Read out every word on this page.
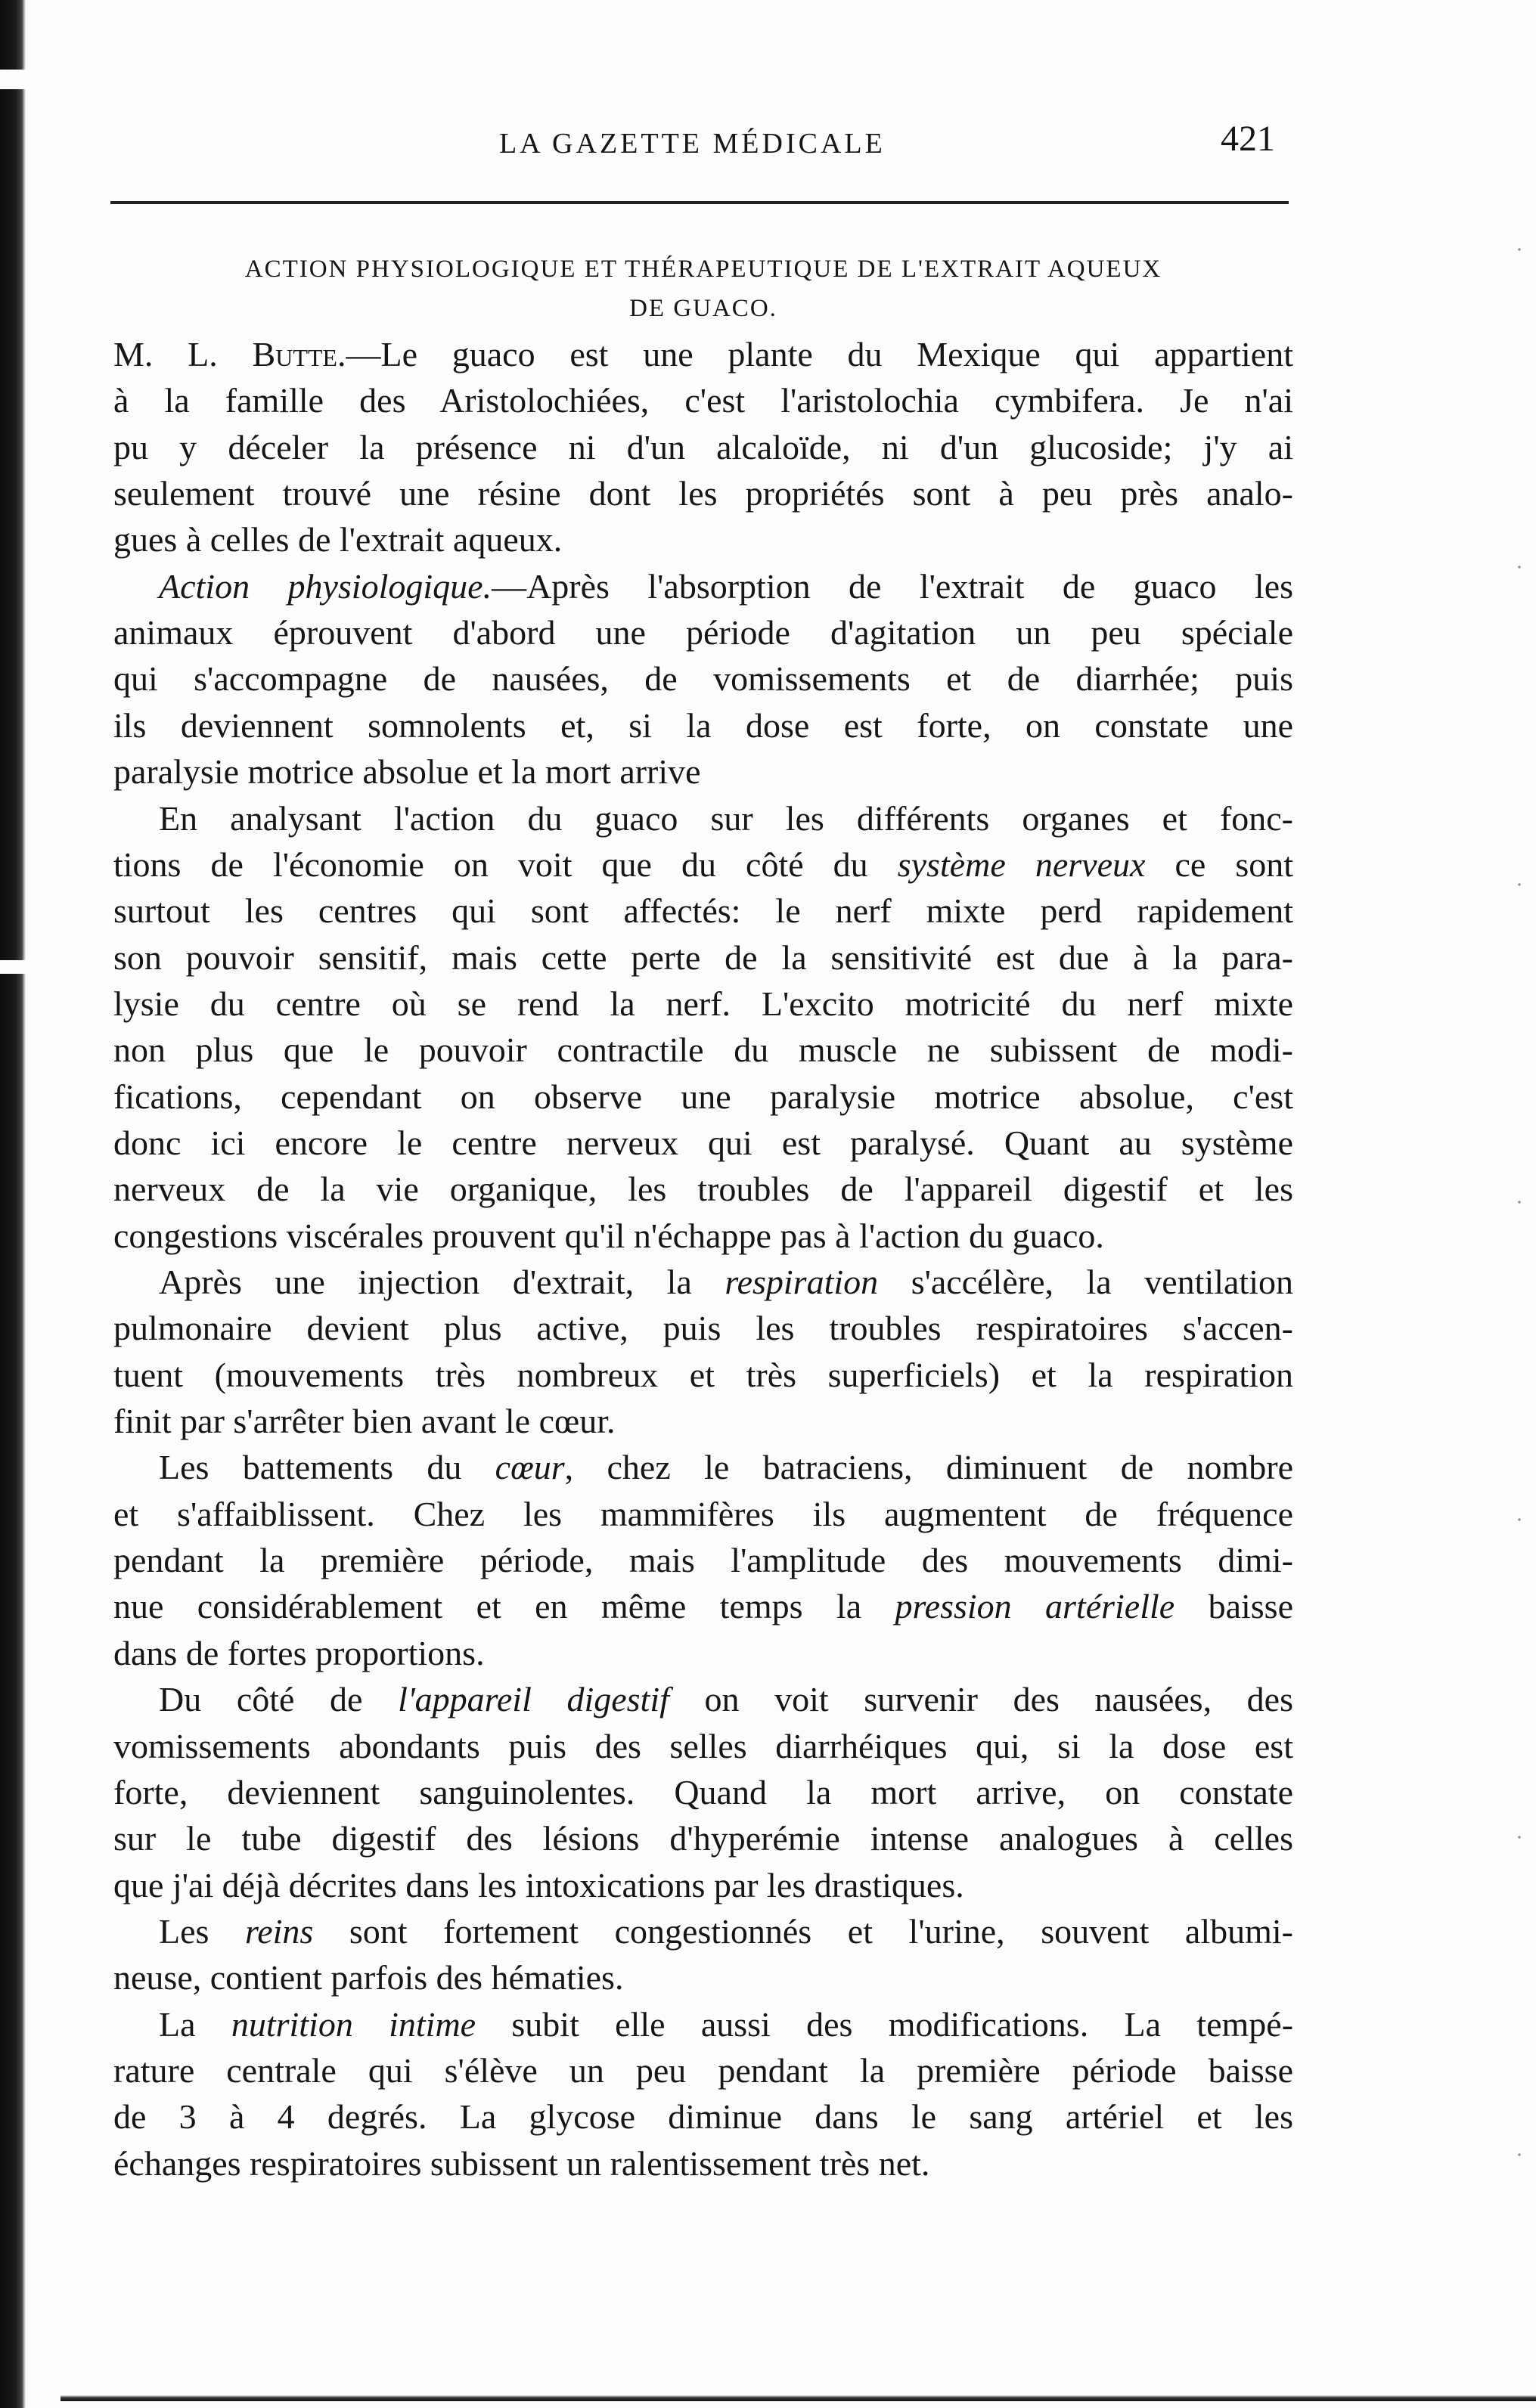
LA GAZETTE MÉDICALE	421
ACTION PHYSIOLOGIQUE ET THÉRAPEUTIQUE DE L'EXTRAIT AQUEUX
DE GUACO.
M. L. Butte.—Le guaco est une plante du Mexique qui appartient
à la famille des Aristolochiées, c'est l'aristolochia cymbifera. Je n'ai
pu y déceler la présence ni d'un alcaloïde, ni d'un glucoside; j'y ai
seulement trouvé une résine dont les propriétés sont à peu près analo-
gues à celles de l'extrait aqueux.
Action physiologique.—Après l'absorption de l'extrait de guaco les
animaux éprouvent d'abord une période d'agitation un peu spéciale
qui s'accompagne de nausées, de vomissements et de diarrhée; puis
ils deviennent somnolents et, si la dose est forte, on constate une
paralysie motrice absolue et la mort arrive
En analysant l'action du guaco sur les différents organes et fonc-
tions de l'économie on voit que du côté du système nerveux ce sont
surtout les centres qui sont affectés: le nerf mixte perd rapidement
son pouvoir sensitif, mais cette perte de la sensitivité est due à la para-
lysie du centre où se rend la nerf. L'excito motricité du nerf mixte
non plus que le pouvoir contractile du muscle ne subissent de modi-
fications, cependant on observe une paralysie motrice absolue, c'est
donc ici encore le centre nerveux qui est paralysé. Quant au système
nerveux de la vie organique, les troubles de l'appareil digestif et les
congestions viscérales prouvent qu'il n'échappe pas à l'action du guaco.
Après une injection d'extrait, la respiration s'accélère, la ventilation
pulmonaire devient plus active, puis les troubles respiratoires s'accen-
tuent (mouvements très nombreux et très superficiels) et la respiration
finit par s'arrêter bien avant le cœur.
Les battements du cœur, chez le batraciens, diminuent de nombre
et s'affaiblissent. Chez les mammifères ils augmentent de fréquence
pendant la première période, mais l'amplitude des mouvements dimi-
nue considérablement et en même temps la pression artérielle baisse
dans de fortes proportions.
Du côté de l'appareil digestif on voit survenir des nausées, des
vomissements abondants puis des selles diarrhéiques qui, si la dose est
forte, deviennent sanguinolentes. Quand la mort arrive, on constate
sur le tube digestif des lésions d'hyperémie intense analogues à celles
que j'ai déjà décrites dans les intoxications par les drastiques.
Les reins sont fortement congestionnés et l'urine, souvent albumi-
neuse, contient parfois des hématies.
La nutrition intime subit elle aussi des modifications. La tempé-
rature centrale qui s'élève un peu pendant la première période baisse
de 3 à 4 degrés. La glycose diminue dans le sang artériel et les
échanges respiratoires subissent un ralentissement très net.
